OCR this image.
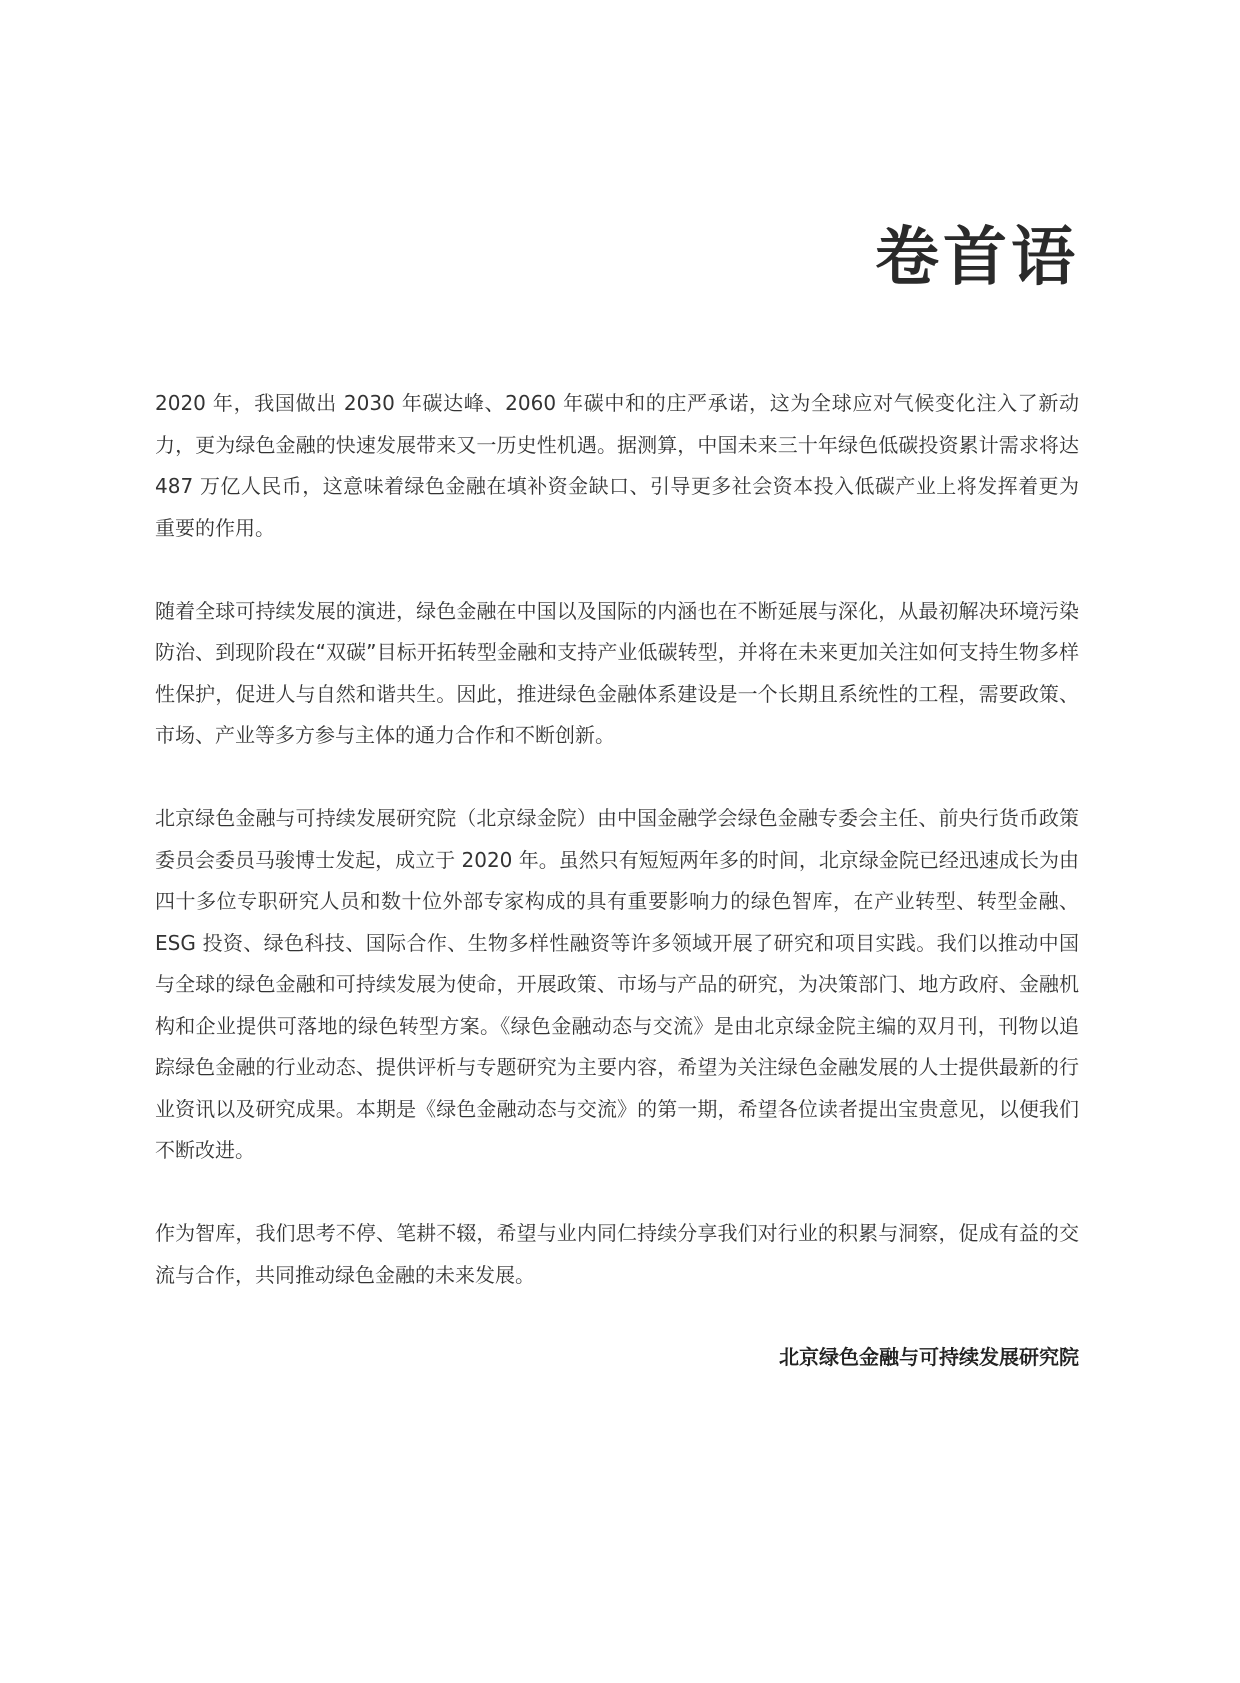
卷首语

2020 年，我国做出 2030 年碳达峰、2060 年碳中和的庄严承诺，这为全球应对气候变化注入了新动力，更为绿色金融的快速发展带来又一历史性机遇。据测算，中国未来三十年绿色低碳投资累计需求将达 487 万亿人民币，这意味着绿色金融在填补资金缺口、引导更多社会资本投入低碳产业上将发挥着更为重要的作用。

随着全球可持续发展的演进，绿色金融在中国以及国际的内涵也在不断延展与深化，从最初解决环境污染防治、到现阶段在“双碳”目标开拓转型金融和支持产业低碳转型，并将在未来更加关注如何支持生物多样性保护，促进人与自然和谐共生。因此，推进绿色金融体系建设是一个长期且系统性的工程，需要政策、市场、产业等多方参与主体的通力合作和不断创新。

北京绿色金融与可持续发展研究院（北京绿金院）由中国金融学会绿色金融专委会主任、前央行货币政策委员会委员马骏博士发起，成立于 2020 年。虽然只有短短两年多的时间，北京绿金院已经迅速成长为由四十多位专职研究人员和数十位外部专家构成的具有重要影响力的绿色智库，在产业转型、转型金融、ESG 投资、绿色科技、国际合作、生物多样性融资等许多领域开展了研究和项目实践。我们以推动中国与全球的绿色金融和可持续发展为使命，开展政策、市场与产品的研究，为决策部门、地方政府、金融机构和企业提供可落地的绿色转型方案。《绿色金融动态与交流》是由北京绿金院主编的双月刊，刊物以追踪绿色金融的行业动态、提供评析与专题研究为主要内容，希望为关注绿色金融发展的人士提供最新的行业资讯以及研究成果。本期是《绿色金融动态与交流》的第一期，希望各位读者提出宝贵意见，以便我们不断改进。

作为智库，我们思考不停、笔耕不辍，希望与业内同仁持续分享我们对行业的积累与洞察，促成有益的交流与合作，共同推动绿色金融的未来发展。

北京绿色金融与可持续发展研究院
